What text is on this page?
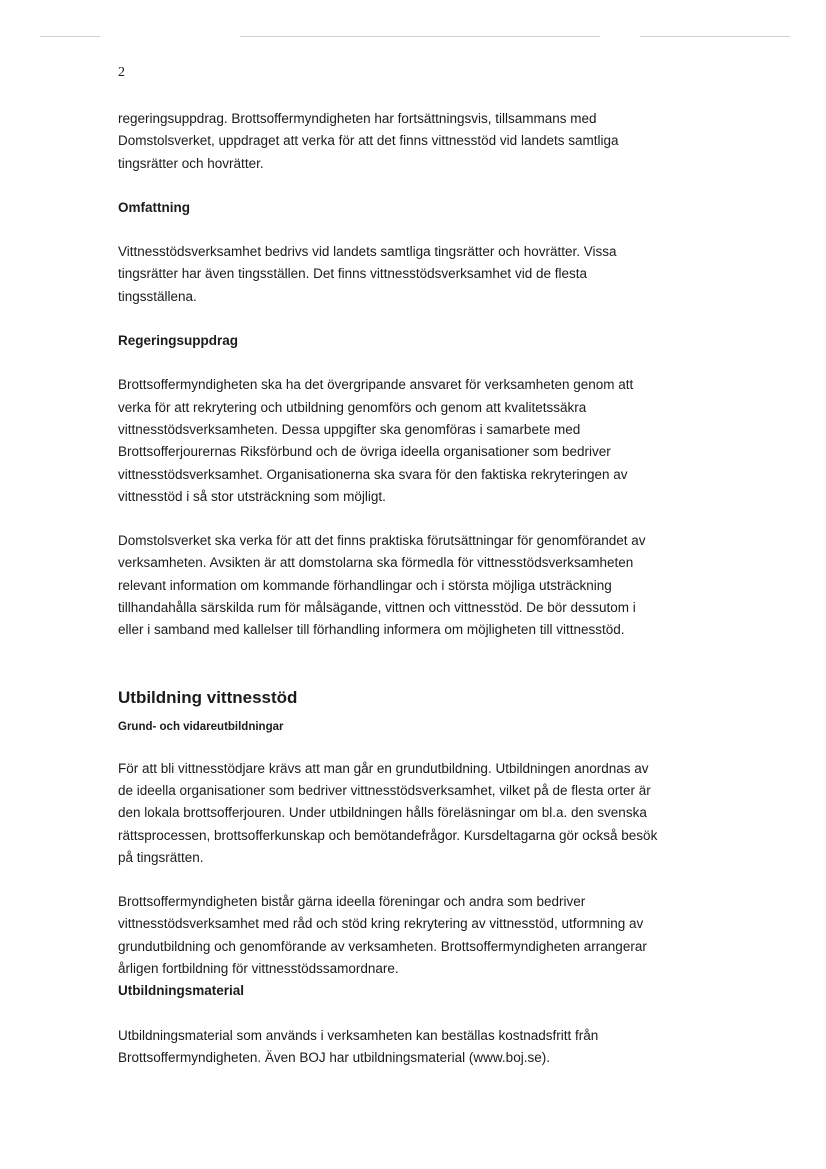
2

regeringsuppdrag. Brottsoffermyndigheten har fortsättningsvis, tillsammans med Domstolsverket, uppdraget att verka för att det finns vittnesstöd vid landets samtliga tingsrätter och hovrätter.

Omfattning

Vittnesstödsverksamhet bedrivs vid landets samtliga tingsrätter och hovrätter. Vissa tingsrätter har även tingsställen. Det finns vittnesstödsverksamhet vid de flesta tingsställena.

Regeringsuppdrag

Brottsoffermyndigheten ska ha det övergripande ansvaret för verksamheten genom att verka för att rekrytering och utbildning genomförs och genom att kvalitetssäkra vittnesstödsverksamheten. Dessa uppgifter ska genomföras i samarbete med Brottsofferjourernas Riksförbund och de övriga ideella organisationer som bedriver vittnesstödsverksamhet. Organisationerna ska svara för den faktiska rekryteringen av vittnesstöd i så stor utsträckning som möjligt.

Domstolsverket ska verka för att det finns praktiska förutsättningar för genomförandet av verksamheten. Avsikten är att domstolarna ska förmedla för vittnesstödsverksamheten relevant information om kommande förhandlingar och i största möjliga utsträckning tillhandahålla särskilda rum för målsägande, vittnen och vittnesstöd. De bör dessutom i eller i samband med kallelser till förhandling informera om möjligheten till vittnesstöd.

Utbildning vittnesstöd
Grund- och vidareutbildningar

För att bli vittnesstödjare krävs att man går en grundutbildning. Utbildningen anordnas av de ideella organisationer som bedriver vittnesstödsverksamhet, vilket på de flesta orter är den lokala brottsofferjouren. Under utbildningen hålls föreläsningar om bl.a. den svenska rättsprocessen, brottsofferkunskap och bemötandefrågor. Kursdeltagarna gör också besök på tingsrätten.

Brottsoffermyndigheten bistår gärna ideella föreningar och andra som bedriver vittnesstödsverksamhet med råd och stöd kring rekrytering av vittnesstöd, utformning av grundutbildning och genomförande av verksamheten. Brottsoffermyndigheten arrangerar årligen fortbildning för vittnesstödssamordnare.

Utbildningsmaterial

Utbildningsmaterial som används i verksamheten kan beställas kostnadsfritt från Brottsoffermyndigheten. Även BOJ har utbildningsmaterial (www.boj.se).
